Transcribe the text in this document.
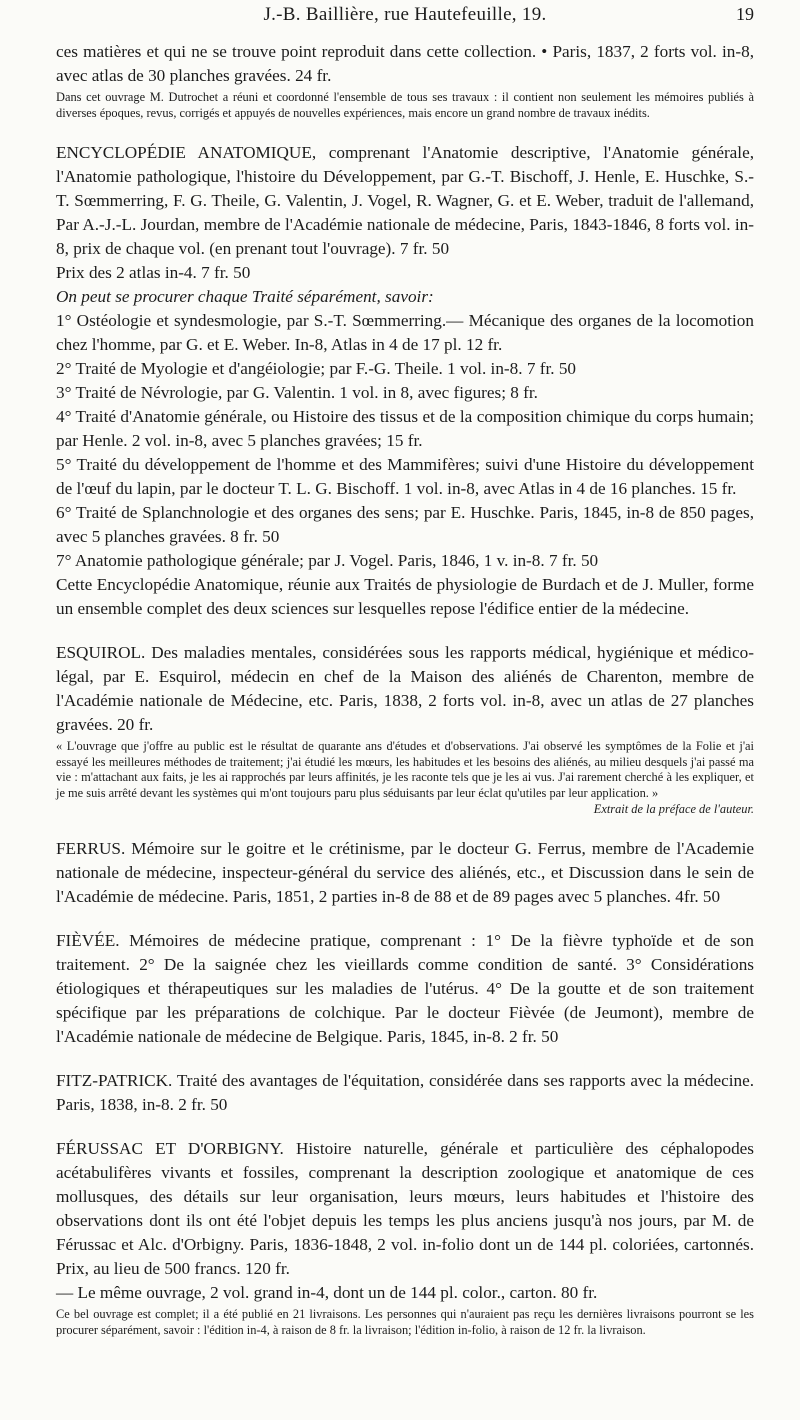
J.-B. Baillière, rue Hautefeuille, 19.	19

ces matières et qui ne se trouve point reproduit dans cette collection. • Paris, 1837, 2 forts vol. in-8, avec atlas de 30 planches gravées. 24 fr.

Dans cet ouvrage M. Dutrochet a réuni et coordonné l'ensemble de tous ses travaux : il contient non seulement les mémoires publiés à diverses époques, revus, corrigés et appuyés de nouvelles expériences, mais encore un grand nombre de travaux inédits.

ENCYCLOPÉDIE ANATOMIQUE, comprenant l'Anatomie descriptive, l'Anatomie générale, l'Anatomie pathologique, l'histoire du Développement, par G.-T. Bischoff, J. Henle, E. Huschke, S.-T. Sœmmerring, F. G. Theile, G. Valentin, J. Vogel, R. Wagner, G. et E. Weber, traduit de l'allemand, Par A.-J.-L. Jourdan, membre de l'Académie nationale de médecine, Paris, 1843-1846, 8 forts vol. in-8, prix de chaque vol. (en prenant tout l'ouvrage). 7 fr. 50
Prix des 2 atlas in-4. 7 fr. 50

On peut se procurer chaque Traité séparément, savoir:

1° Ostéologie et syndesmologie, par S.-T. Sœmmerring.— Mécanique des organes de la locomotion chez l'homme, par G. et E. Weber. In-8, Atlas in 4 de 17 pl. 12 fr.

2° Traité de Myologie et d'angéiologie; par F.-G. Theile. 1 vol. in-8. 7 fr. 50

3° Traité de Névrologie, par G. Valentin. 1 vol. in 8, avec figures; 8 fr.

4° Traité d'Anatomie générale, ou Histoire des tissus et de la composition chimique du corps humain; par Henle. 2 vol. in-8, avec 5 planches gravées; 15 fr.

5° Traité du développement de l'homme et des Mammifères; suivi d'une Histoire du développement de l'œuf du lapin, par le docteur T. L. G. Bischoff. 1 vol. in-8, avec Atlas in 4 de 16 planches. 15 fr.

6° Traité de Splanchnologie et des organes des sens; par E. Huschke. Paris, 1845, in-8 de 850 pages, avec 5 planches gravées. 8 fr. 50

7° Anatomie pathologique générale; par J. Vogel. Paris, 1846, 1 v. in-8. 7 fr. 50

Cette Encyclopédie Anatomique, réunie aux Traités de physiologie de Burdach et de J. Muller, forme un ensemble complet des deux sciences sur lesquelles repose l'édifice entier de la médecine.

ESQUIROL. Des maladies mentales, considérées sous les rapports médical, hygiénique et médico-légal, par E. Esquirol, médecin en chef de la Maison des aliénés de Charenton, membre de l'Académie nationale de Médecine, etc. Paris, 1838, 2 forts vol. in-8, avec un atlas de 27 planches gravées. 20 fr.

« L'ouvrage que j'offre au public est le résultat de quarante ans d'études et d'observations. J'ai observé les symptômes de la Folie et j'ai essayé les meilleures méthodes de traitement; j'ai étudié les mœurs, les habitudes et les besoins des aliénés, au milieu desquels j'ai passé ma vie : m'attachant aux faits, je les ai rapprochés par leurs affinités, je les raconte tels que je les ai vus. J'ai rarement cherché à les expliquer, et je me suis arrêté devant les systèmes qui m'ont toujours paru plus séduisants par leur éclat qu'utiles par leur application. »

Extrait de la préface de l'auteur.

FERRUS. Mémoire sur le goitre et le crétinisme, par le docteur G. Ferrus, membre de l'Academie nationale de médecine, inspecteur-général du service des aliénés, etc., et Discussion dans le sein de l'Académie de médecine. Paris, 1851, 2 parties in-8 de 88 et de 89 pages avec 5 planches. 4fr. 50

FIÈVÉE. Mémoires de médecine pratique, comprenant : 1° De la fièvre typhoïde et de son traitement. 2° De la saignée chez les vieillards comme condition de santé. 3° Considérations étiologiques et thérapeutiques sur les maladies de l'utérus. 4° De la goutte et de son traitement spécifique par les préparations de colchique. Par le docteur Fièvée (de Jeumont), membre de l'Académie nationale de médecine de Belgique. Paris, 1845, in-8. 2 fr. 50

FITZ-PATRICK. Traité des avantages de l'équitation, considérée dans ses rapports avec la médecine. Paris, 1838, in-8. 2 fr. 50

FÉRUSSAC ET D'ORBIGNY. Histoire naturelle, générale et particulière des céphalopodes acétabulifères vivants et fossiles, comprenant la description zoologique et anatomique de ces mollusques, des détails sur leur organisation, leurs mœurs, leurs habitudes et l'histoire des observations dont ils ont été l'objet depuis les temps les plus anciens jusqu'à nos jours, par M. de Férussac et Alc. d'Orbigny. Paris, 1836-1848, 2 vol. in-folio dont un de 144 pl. coloriées, cartonnés. Prix, au lieu de 500 francs. 120 fr.

— Le même ouvrage, 2 vol. grand in-4, dont un de 144 pl. color., carton. 80 fr.

Ce bel ouvrage est complet; il a été publié en 21 livraisons. Les personnes qui n'auraient pas reçu les dernières livraisons pourront se les procurer séparément, savoir : l'édition in-4, à raison de 8 fr. la livraison; l'édition in-folio, à raison de 12 fr. la livraison.
